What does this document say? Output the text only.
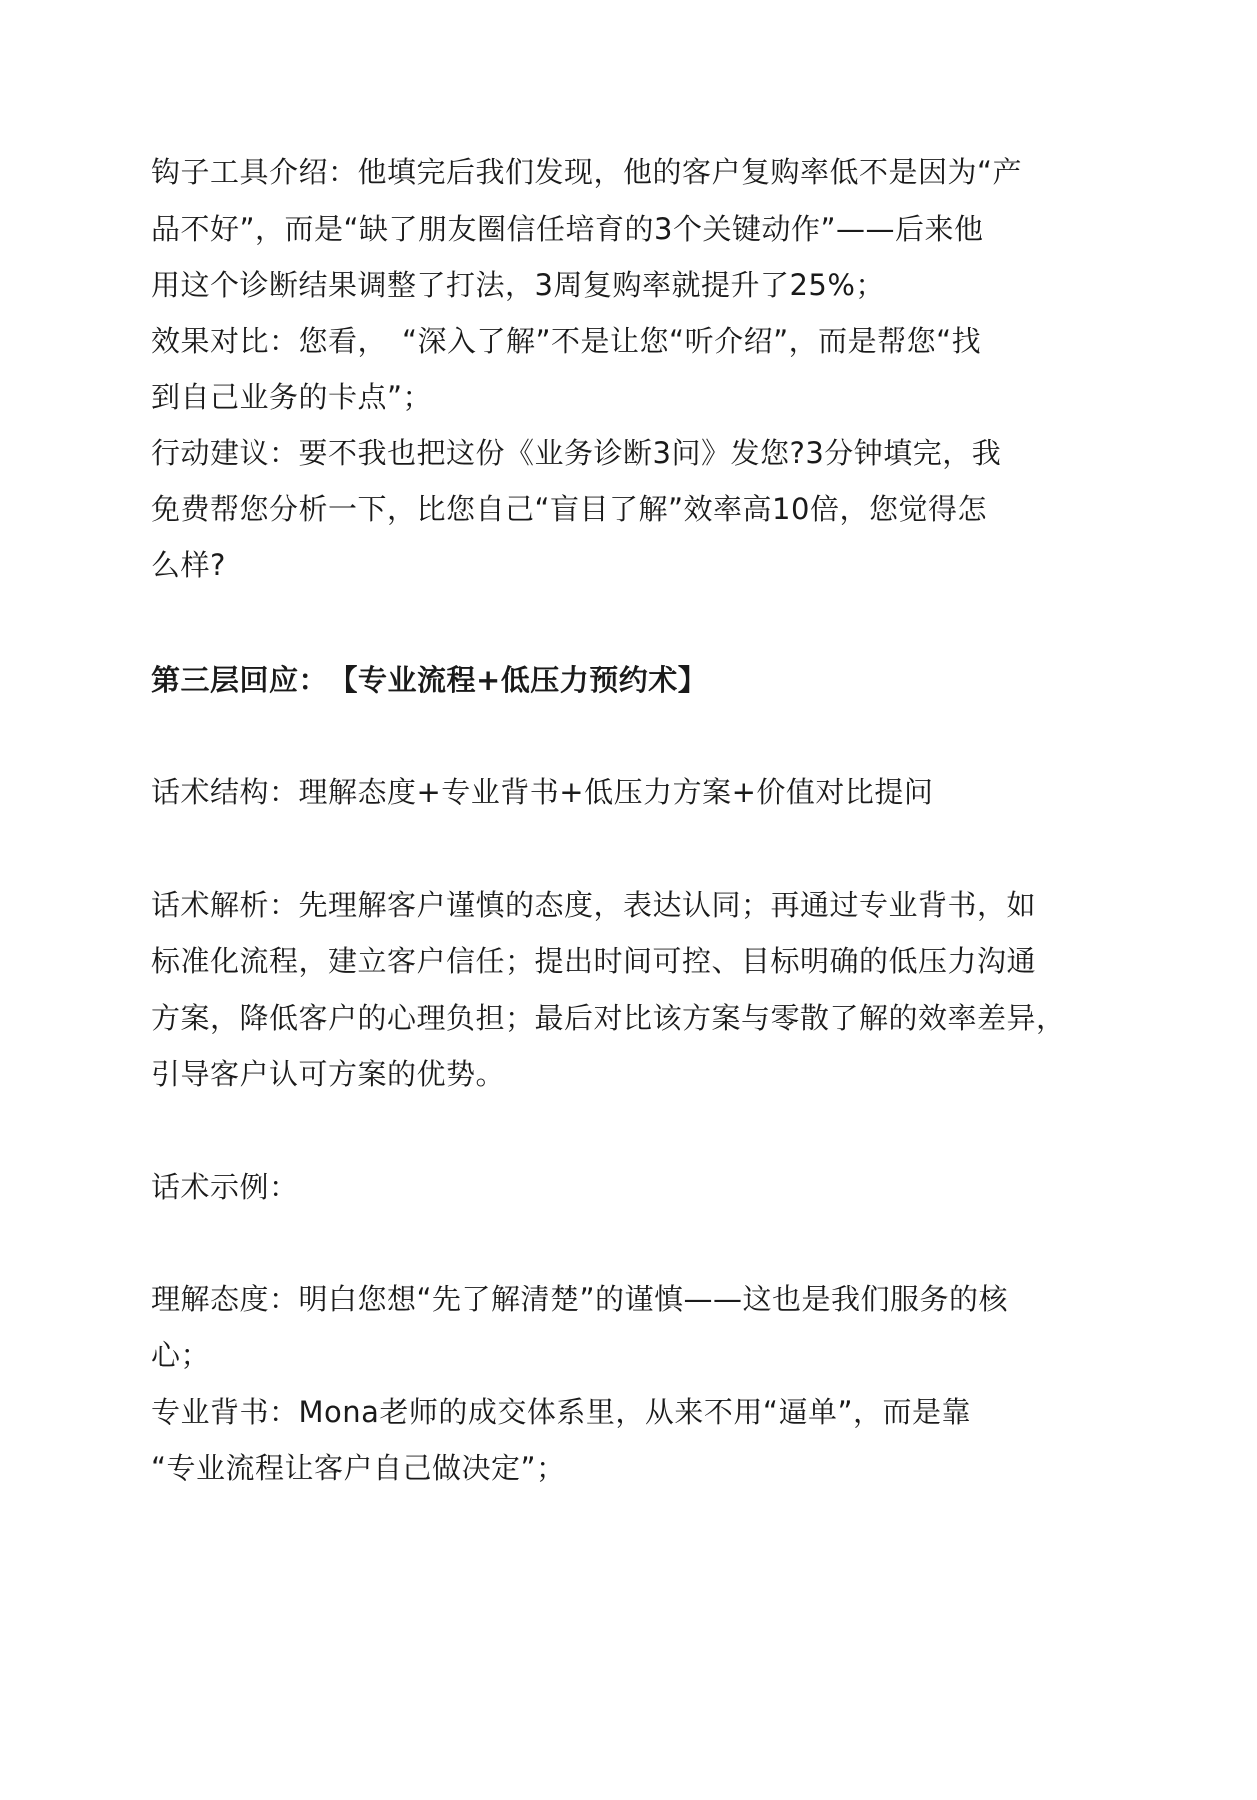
钩子工具介绍：他填完后我们发现，他的客户复购率低不是因为“产
品不好”，而是“缺了朋友圈信任培育的3个关键动作”——后来他
用这个诊断结果调整了打法，3周复购率就提升了25%；
效果对比：您看，　“深入了解”不是让您“听介绍”，而是帮您“找
到自己业务的卡点”；
行动建议：要不我也把这份《业务诊断3问》发您?3分钟填完，我
免费帮您分析一下，比您自己“盲目了解”效率高10倍，您觉得怎
么样?
第三层回应：　【专业流程+低压力预约术】
话术结构：理解态度+专业背书+低压力方案+价值对比提问
话术解析：先理解客户谨慎的态度，表达认同；再通过专业背书，如
标准化流程，建立客户信任；提出时间可控、目标明确的低压力沟通
方案，降低客户的心理负担；最后对比该方案与零散了解的效率差异，
引导客户认可方案的优势。
话术示例：
理解态度：明白您想“先了解清楚”的谨慎——这也是我们服务的核
心；
专业背书：Mona老师的成交体系里，从来不用“逼单”，而是靠
“专业流程让客户自己做决定”；
